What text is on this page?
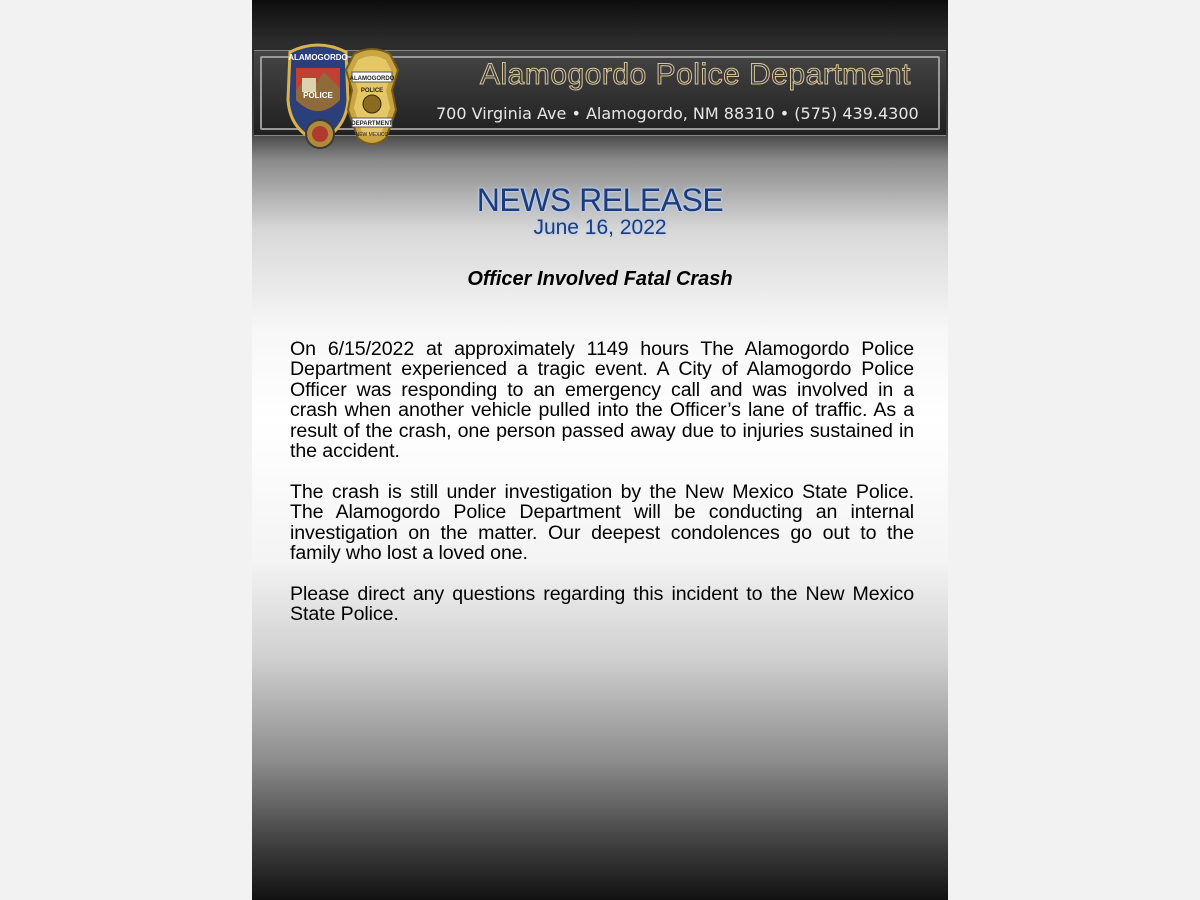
ALAMOGORDO
POLICE
ALAMOGORDO
POLICE
DEPARTMENT
NEW MEXICO
Alamogordo Police Department
700 Virginia Ave • Alamogordo, NM 88310 • (575) 439.4300
NEWS RELEASE
June 16, 2022
Officer Involved Fatal Crash

On 6/15/2022 at approximately 1149 hours The Alamogordo Police Department experienced a tragic event. A City of Alamogordo Police Officer was responding to an emergency call and was involved in a crash when another vehicle pulled into the Officer’s lane of traffic. As a result of the crash, one person passed away due to injuries sustained in the accident.

The crash is still under investigation by the New Mexico State Police. The Alamogordo Police Department will be conducting an internal investigation on the matter. Our deepest condolences go out to the family who lost a loved one.

Please direct any questions regarding this incident to the New Mexico State Police.
